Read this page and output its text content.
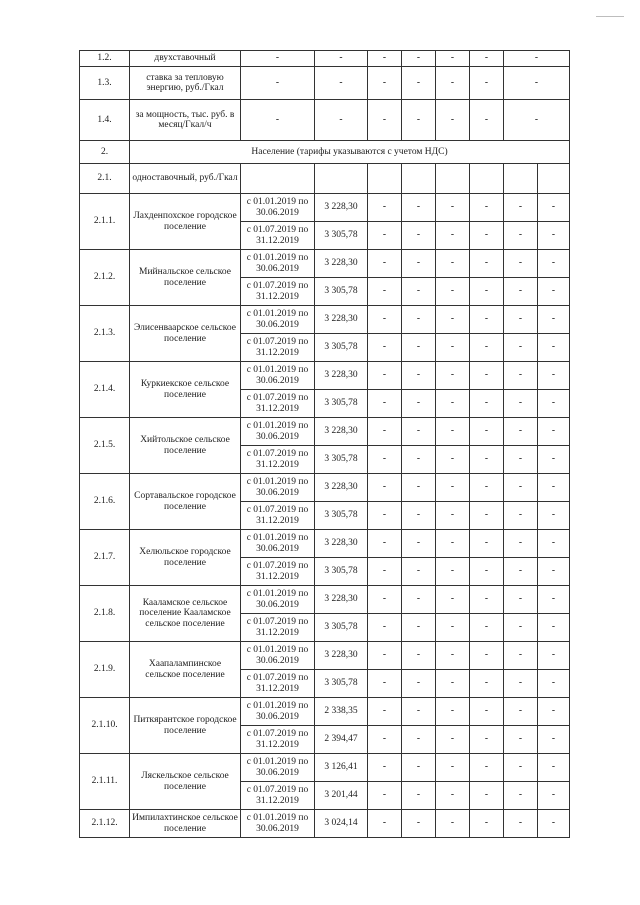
1.2.	двухставочный	-	-	-	-	-	-	-	
1.3.	ставка за тепловую энергию, руб./Гкал	-	-	-	-	-	-	-	
1.4.	за мощность, тыс. руб. в месяц/Гкал/ч	-	-	-	-	-	-	-	
2.	Население (тарифы указываются с учетом НДС)								
2.1.	одноставочный, руб./Гкал								
2.1.1.	Лахденпохское городское поселение	с 01.01.2019 по 30.06.2019	3 228,30	-	-	-	-	-	-
		с 01.07.2019 по 31.12.2019	3 305,78	-	-	-	-	-	-
2.1.2.	Мийнальское сельское поселение	с 01.01.2019 по 30.06.2019	3 228,30	-	-	-	-	-	-
		с 01.07.2019 по 31.12.2019	3 305,78	-	-	-	-	-	-
2.1.3.	Элисенваарское сельское поселение	с 01.01.2019 по 30.06.2019	3 228,30	-	-	-	-	-	-
		с 01.07.2019 по 31.12.2019	3 305,78	-	-	-	-	-	-
2.1.4.	Куркиекское сельское поселение	с 01.01.2019 по 30.06.2019	3 228,30	-	-	-	-	-	-
		с 01.07.2019 по 31.12.2019	3 305,78	-	-	-	-	-	-
2.1.5.	Хийтольское сельское поселение	с 01.01.2019 по 30.06.2019	3 228,30	-	-	-	-	-	-
		с 01.07.2019 по 31.12.2019	3 305,78	-	-	-	-	-	-
2.1.6.	Сортавальское городское поселение	с 01.01.2019 по 30.06.2019	3 228,30	-	-	-	-	-	-
		с 01.07.2019 по 31.12.2019	3 305,78	-	-	-	-	-	-
2.1.7.	Хелюльское городское поселение	с 01.01.2019 по 30.06.2019	3 228,30	-	-	-	-	-	-
		с 01.07.2019 по 31.12.2019	3 305,78	-	-	-	-	-	-
2.1.8.	Кааламское сельское поселение Кааламское сельское поселение	с 01.01.2019 по 30.06.2019	3 228,30	-	-	-	-	-	-
		с 01.07.2019 по 31.12.2019	3 305,78	-	-	-	-	-	-
2.1.9.	Хаапалампинское сельское поселение	с 01.01.2019 по 30.06.2019	3 228,30	-	-	-	-	-	-
		с 01.07.2019 по 31.12.2019	3 305,78	-	-	-	-	-	-
2.1.10.	Питкярантское городское поселение	с 01.01.2019 по 30.06.2019	2 338,35	-	-	-	-	-	-
		с 01.07.2019 по 31.12.2019	2 394,47	-	-	-	-	-	-
2.1.11.	Ляскельское сельское поселение	с 01.01.2019 по 30.06.2019	3 126,41	-	-	-	-	-	-
		с 01.07.2019 по 31.12.2019	3 201,44	-	-	-	-	-	-
2.1.12.	Импилахтинское сельское поселение	с 01.01.2019 по 30.06.2019	3 024,14	-	-	-	-	-	-
